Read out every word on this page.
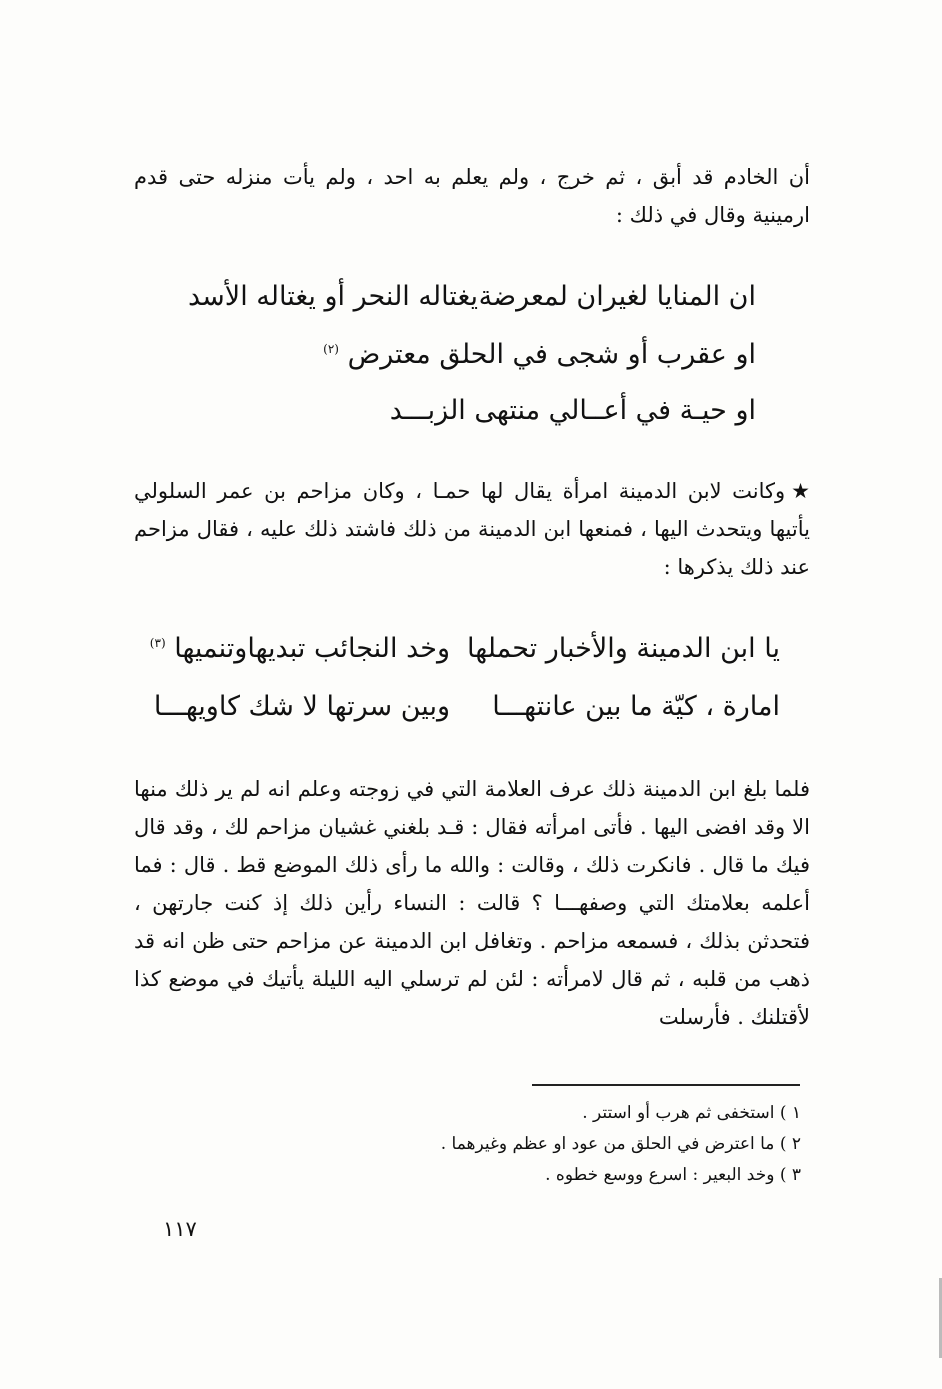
أن الخادم قد أبق ، ثم خرج ، ولم يعلم به احد ، ولم يأت منزله حتى قدم ارمينية وقال في ذلك :

ان المنايا لغيران لمعرضة
يغتاله النحر أو يغتاله الأسد
او عقرب أو شجى في الحلق معترض $^{(٢)}$
او حيـة في أعــالي منتهى الزبـــد

★وكانت لابن الدمينة امرأة يقال لها حمـا ، وكان مزاحم بن عمر السلولي يأتيها ويتحدث اليها ، فمنعها ابن الدمينة من ذلك فاشتد ذلك عليه ، فقال مزاحم عند ذلك يذكرها :

يا ابن الدمينة والأخبار تحملها
وخد النجائب تبديهاوتنميها $^{(٣)}$
امارة ، كيّة ما بين عانتهـــا
وبين سرتها لا شك كاويهـــا

فلما بلغ ابن الدمينة ذلك عرف العلامة التي في زوجته وعلم انه لم ير ذلك منها الا وقد افضى اليها . فأتى امرأته فقال : قـد بلغني غشيان مزاحم لك ، وقد قال فيك ما قال . فانكرت ذلك ، وقالت : والله ما رأى ذلك الموضع قط . قال : فما أعلمه بعلامتك التي وصفهـــا ؟ قالت : النساء رأين ذلك إذ كنت جارتهن ، فتحدثن بذلك ، فسمعه مزاحم . وتغافل ابن الدمينة عن مزاحم حتى ظن انه قد ذهب من قلبه ، ثم قال لامرأته : لئن لم ترسلي اليه الليلة يأتيك في موضع كذا لأقتلنك . فأرسلت

١ ) استخفى ثم هرب أو استتر .
٢ ) ما اعترض في الحلق من عود او عظم وغيرهما .
٣ ) وخد البعير : اسرع ووسع خطوه .
١١٧
